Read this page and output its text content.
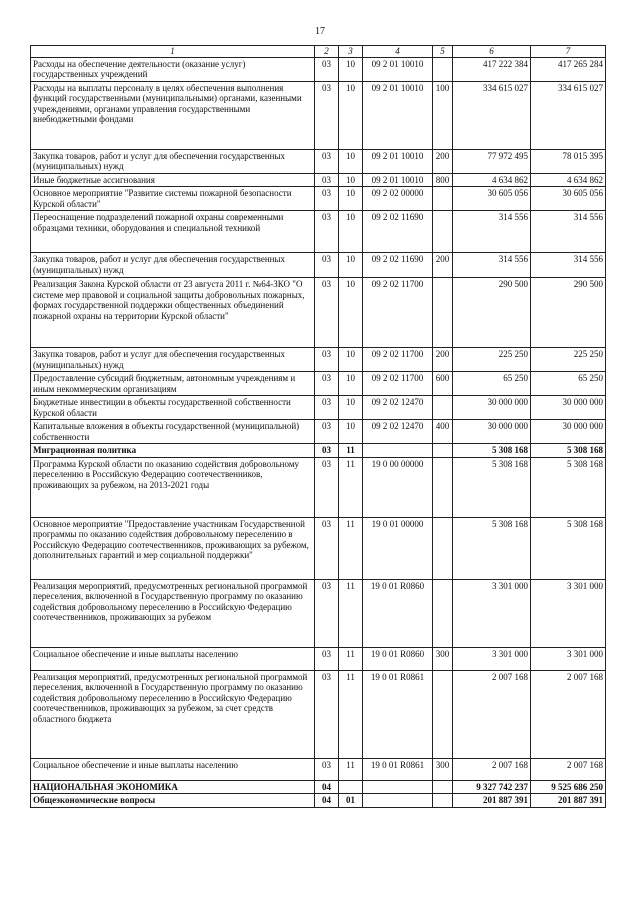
17
1	2	3	4	5	6	7
Расходы на обеспечение деятельности (оказание услуг) государственных учреждений	03	10	09 2 01 10010		417 222 384	417 265 284
Расходы на выплаты персоналу в целях обеспечения выполнения функций государственными (муниципальными) органами, казенными учреждениями, органами управления государственными внебюджетными фондами	03	10	09 2 01 10010	100	334 615 027	334 615 027
Закупка товаров, работ и услуг для обеспечения государственных (муниципальных) нужд	03	10	09 2 01 10010	200	77 972 495	78 015 395
Иные бюджетные ассигнования	03	10	09 2 01 10010	800	4 634 862	4 634 862
Основное мероприятие "Развитие системы пожарной безопасности Курской области"	03	10	09 2 02 00000		30 605 056	30 605 056
Переоснащение подразделений пожарной охраны современными образцами техники, оборудования и специальной техникой	03	10	09 2 02 11690		314 556	314 556
Закупка товаров, работ и услуг для обеспечения государственных (муниципальных) нужд	03	10	09 2 02 11690	200	314 556	314 556
Реализация Закона Курской области от 23 августа 2011 г. №64-ЗКО "О системе мер правовой и социальной защиты добровольных пожарных, формах государственной поддержки общественных объединений пожарной охраны на территории Курской области"	03	10	09 2 02 11700		290 500	290 500
Закупка товаров, работ и услуг для обеспечения государственных (муниципальных) нужд	03	10	09 2 02 11700	200	225 250	225 250
Предоставление субсидий бюджетным, автономным учреждениям и иным некоммерческим организациям	03	10	09 2 02 11700	600	65 250	65 250
Бюджетные инвестиции в объекты государственной собственности Курской области	03	10	09 2 02 12470		30 000 000	30 000 000
Капитальные вложения в объекты государственной (муниципальной) собственности	03	10	09 2 02 12470	400	30 000 000	30 000 000
Миграционная политика	03	11			5 308 168	5 308 168
Программа Курской области по оказанию содействия добровольному переселению в Российскую Федерацию соотечественников, проживающих за рубежом, на 2013-2021 годы	03	11	19 0 00 00000		5 308 168	5 308 168
Основное мероприятие "Предоставление участникам Государственной программы по оказанию содействия добровольному переселению в Российскую Федерацию соотечественников, проживающих за рубежом, дополнительных гарантий и мер социальной поддержки"	03	11	19 0 01 00000		5 308 168	5 308 168
Реализация мероприятий, предусмотренных региональной программой переселения, включенной в Государственную программу по оказанию содействия добровольному переселению в Российскую Федерацию соотечественников, проживающих за рубежом	03	11	19 0 01 R0860		3 301 000	3 301 000
Социальное обеспечение и иные выплаты населению	03	11	19 0 01 R0860	300	3 301 000	3 301 000
Реализация мероприятий, предусмотренных региональной программой переселения, включенной в Государственную программу по оказанию содействия добровольному переселению в Российскую Федерацию соотечественников, проживающих за рубежом, за счет средств областного бюджета	03	11	19 0 01 R0861		2 007 168	2 007 168
Социальное обеспечение и иные выплаты населению	03	11	19 0 01 R0861	300	2 007 168	2 007 168
НАЦИОНАЛЬНАЯ ЭКОНОМИКА	04				9 327 742 237	9 525 686 250
Общеэкономические вопросы	04	01			201 887 391	201 887 391
